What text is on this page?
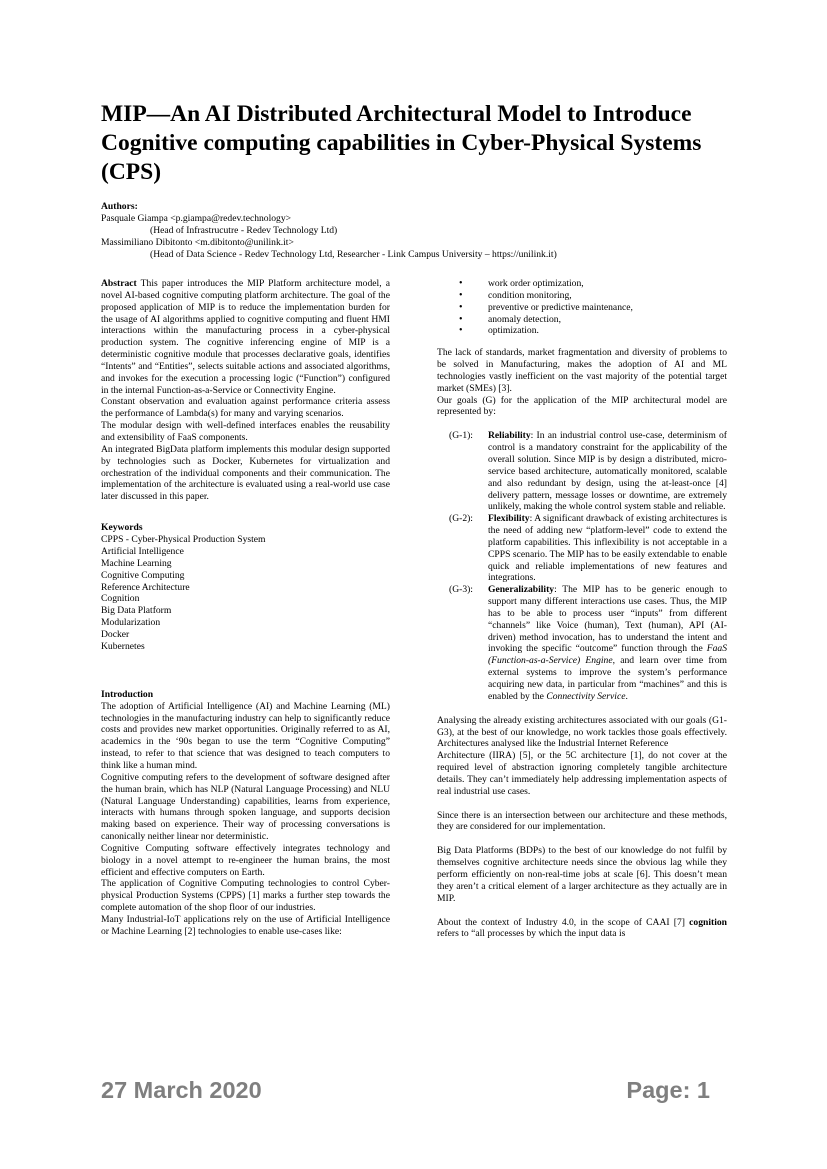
MIP—An AI Distributed Architectural Model to Introduce Cognitive computing capabilities in Cyber-Physical Systems (CPS)
Authors:
Pasquale Giampa <p.giampa@redev.technology>
(Head of Infrastrucutre - Redev Technology Ltd)
Massimiliano Dibitonto <m.dibitonto@unilink.it>
(Head of Data Science - Redev Technology Ltd, Researcher - Link Campus University – https://unilink.it)

Abstract This paper introduces the MIP Platform architecture model, a novel AI-based cognitive computing platform architecture. The goal of the proposed application of MIP is to reduce the implementation burden for the usage of AI algorithms applied to cognitive computing and fluent HMI interactions within the manufacturing process in a cyber-physical production system. The cognitive inferencing engine of MIP is a deterministic cognitive module that processes declarative goals, identifies “Intents” and “Entities”, selects suitable actions and associated algorithms, and invokes for the execution a processing logic (“Function”) configured in the internal Function-as-a-Service or Connectivity Engine.

Constant observation and evaluation against performance criteria assess the performance of Lambda(s) for many and varying scenarios.

The modular design with well-defined interfaces enables the reusability and extensibility of FaaS components.

An integrated BigData platform implements this modular design supported by technologies such as Docker, Kubernetes for virtualization and orchestration of the individual components and their communication. The implementation of the architecture is evaluated using a real-world use case later discussed in this paper.

Keywords
CPPS - Cyber-Physical Production System
Artificial Intelligence
Machine Learning
Cognitive Computing
Reference Architecture
Cognition
Big Data Platform
Modularization
Docker
Kubernetes
Introduction

The adoption of Artificial Intelligence (AI) and Machine Learning (ML) technologies in the manufacturing industry can help to significantly reduce costs and provides new market opportunities. Originally referred to as AI, academics in the ‘90s began to use the term “Cognitive Computing” instead, to refer to that science that was designed to teach computers to think like a human mind.

Cognitive computing refers to the development of software designed after the human brain, which has NLP (Natural Language Processing) and NLU (Natural Language Understanding) capabilities, learns from experience, interacts with humans through spoken language, and supports decision making based on experience. Their way of processing conversations is canonically neither linear nor deterministic.

Cognitive Computing software effectively integrates technology and biology in a novel attempt to re-engineer the human brains, the most efficient and effective computers on Earth.

The application of Cognitive Computing technologies to control Cyber-physical Production Systems (CPPS) [1] marks a further step towards the complete automation of the shop floor of our industries.

Many Industrial-IoT applications rely on the use of Artificial Intelligence or Machine Learning [2] technologies to enable use-cases like:

• work order optimization,
• condition monitoring,
• preventive or predictive maintenance,
• anomaly detection,
• optimization.

The lack of standards, market fragmentation and diversity of problems to be solved in Manufacturing, makes the adoption of AI and ML technologies vastly inefficient on the vast majority of the potential target market (SMEs) [3].

Our goals (G) for the application of the MIP architectural model are represented by:

(G-1):	Reliability: In an industrial control use-case, determinism of control is a mandatory constraint for the applicability of the overall solution. Since MIP is by design a distributed, micro-service based architecture, automatically monitored, scalable and also redundant by design, using the at-least-once [4] delivery pattern, message losses or downtime, are extremely unlikely, making the whole control system stable and reliable.
(G-2):	Flexibility: A significant drawback of existing architectures is the need of adding new “platform-level” code to extend the platform capabilities. This inflexibility is not acceptable in a CPPS scenario. The MIP has to be easily extendable to enable quick and reliable implementations of new features and integrations.
(G-3):	Generalizability: The MIP has to be generic enough to support many different interactions use cases. Thus, the MIP has to be able to process user “inputs” from different “channels” like Voice (human), Text (human), API (AI-driven) method invocation, has to understand the intent and invoking the specific “outcome” function through the FaaS (Function-as-a-Service) Engine, and learn over time from external systems to improve the system’s performance acquiring new data, in particular from “machines” and this is enabled by the Connectivity Service.

Analysing the already existing architectures associated with our goals (G1-G3), at the best of our knowledge, no work tackles those goals effectively. Architectures analysed like the Industrial Internet Reference

Architecture (IIRA) [5], or the 5C architecture [1], do not cover at the required level of abstraction ignoring completely tangible architecture details. They can’t immediately help addressing implementation aspects of real industrial use cases.

Since there is an intersection between our architecture and these methods, they are considered for our implementation.

Big Data Platforms (BDPs) to the best of our knowledge do not fulfil by themselves cognitive architecture needs since the obvious lag while they perform efficiently on non-real-time jobs at scale [6]. This doesn’t mean they aren’t a critical element of a larger architecture as they actually are in MIP.

About the context of Industry 4.0, in the scope of CAAI [7] cognition refers to “all processes by which the input data is

27 March 2020	Page: 1
